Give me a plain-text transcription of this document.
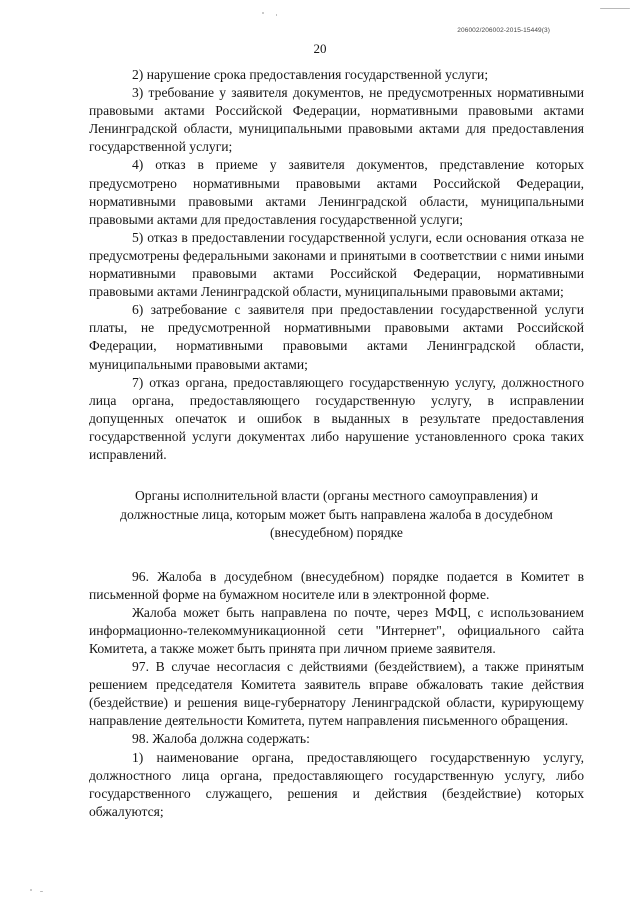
206002/206002-2015-15449(3)
20

2) нарушение срока предоставления государственной услуги;

3) требование у заявителя документов, не предусмотренных нормативными правовыми актами Российской Федерации, нормативными правовыми актами Ленинградской области, муниципальными правовыми актами для предоставления государственной услуги;

4) отказ в приеме у заявителя документов, представление которых предусмотрено нормативными правовыми актами Российской Федерации, нормативными правовыми актами Ленинградской области, муниципальными правовыми актами для предоставления государственной услуги;

5) отказ в предоставлении государственной услуги, если основания отказа не предусмотрены федеральными законами и принятыми в соответствии с ними иными нормативными правовыми актами Российской Федерации, нормативными правовыми актами Ленинградской области, муниципальными правовыми актами;

6) затребование с заявителя при предоставлении государственной услуги платы, не предусмотренной нормативными правовыми актами Российской Федерации, нормативными правовыми актами Ленинградской области, муниципальными правовыми актами;

7) отказ органа, предоставляющего государственную услугу, должностного лица органа, предоставляющего государственную услугу, в исправлении допущенных опечаток и ошибок в выданных в результате предоставления государственной услуги документах либо нарушение установленного срока таких исправлений.

Органы исполнительной власти (органы местного самоуправления) и должностные лица, которым может быть направлена жалоба в досудебном (внесудебном) порядке

96. Жалоба в досудебном (внесудебном) порядке подается в Комитет в письменной форме на бумажном носителе или в электронной форме.

Жалоба может быть направлена по почте, через МФЦ, с использованием информационно-телекоммуникационной сети "Интернет", официального сайта Комитета, а также может быть принята при личном приеме заявителя.

97. В случае несогласия с действиями (бездействием), а также принятым решением председателя Комитета заявитель вправе обжаловать такие действия (бездействие) и решения вице-губернатору Ленинградской области, курирующему направление деятельности Комитета, путем направления письменного обращения.

98. Жалоба должна содержать:

1) наименование органа, предоставляющего государственную услугу, должностного лица органа, предоставляющего государственную услугу, либо государственного служащего, решения и действия (бездействие) которых обжалуются;
